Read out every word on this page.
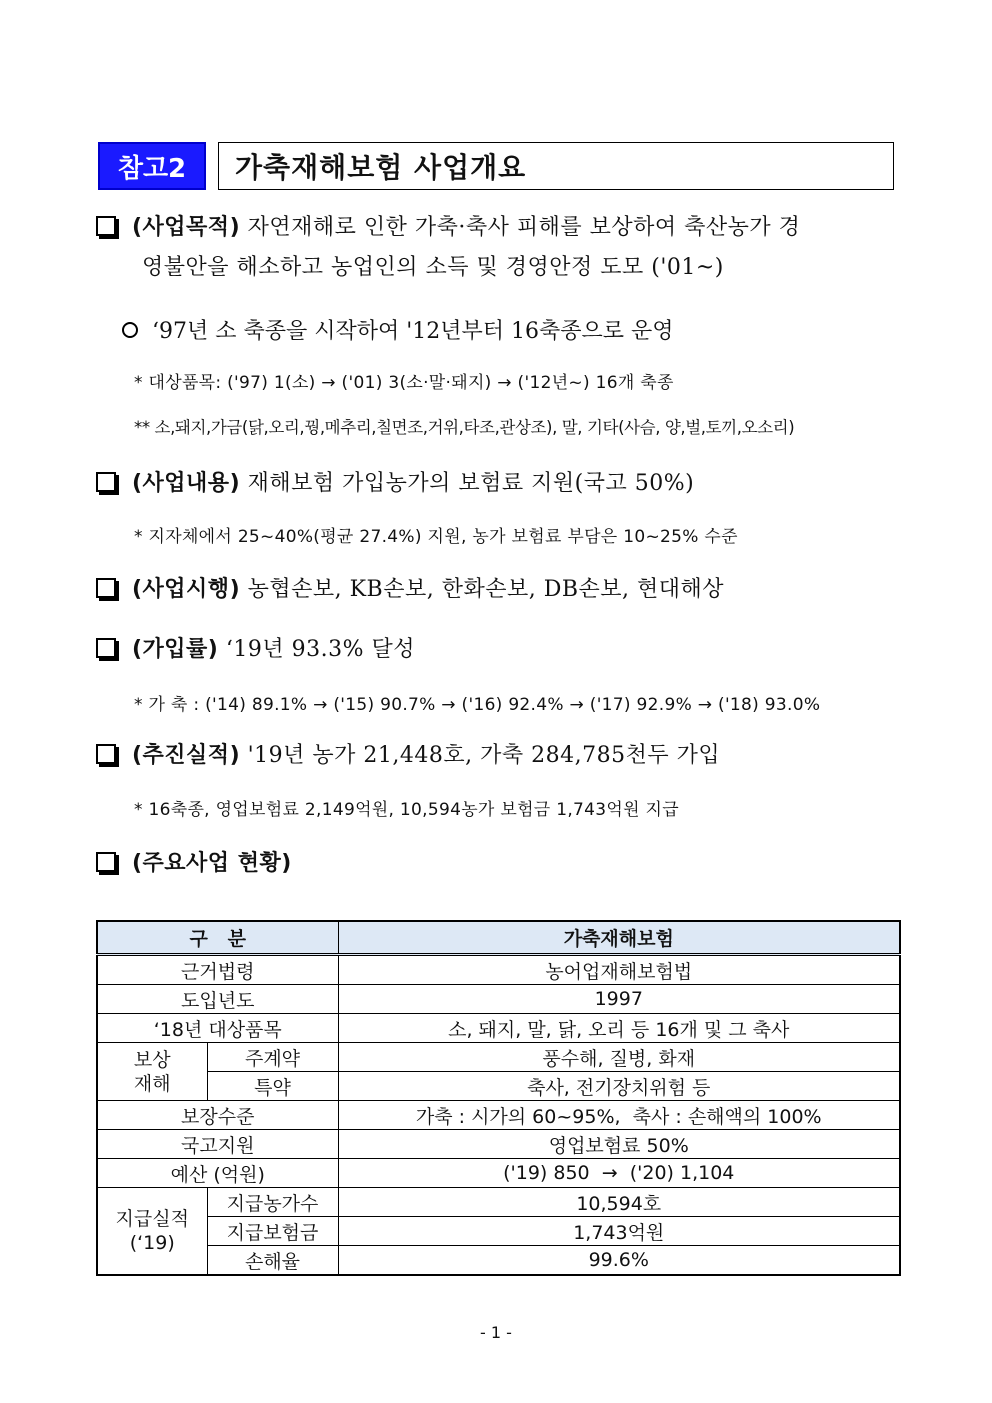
참고2	가축재해보험 사업개요
(사업목적) 자연재해로 인한 가축·축사 피해를 보상하여 축산농가 경
영불안을 해소하고 농업인의 소득 및 경영안정 도모 ('01~)
‘97년 소 축종을 시작하여 '12년부터 16축종으로 운영
* 대상품목: ('97) 1(소) → ('01) 3(소·말·돼지) → ('12년~) 16개 축종
** 소,돼지,가금(닭,오리,꿩,메추리,칠면조,거위,타조,관상조), 말, 기타(사슴, 양,벌,토끼,오소리)
(사업내용) 재해보험 가입농가의 보험료 지원(국고 50%)
* 지자체에서 25~40%(평균 27.4%) 지원, 농가 보험료 부담은 10~25% 수준
(사업시행) 농협손보, KB손보, 한화손보, DB손보, 현대해상
(가입률) ‘19년 93.3% 달성
* 가 축 : ('14) 89.1% → ('15) 90.7% → ('16) 92.4% → ('17) 92.9% → ('18) 93.0%
(추진실적) '19년 농가 21,448호, 가축 284,785천두 가입
* 16축종, 영업보험료 2,149억원, 10,594농가 보험금 1,743억원 지급
(주요사업 현황)
구   분		가축재해보험
근거법령		농어업재해보험법
도입년도		1997
‘18년 대상품목		소, 돼지, 말, 닭, 오리 등 16개 및 그 축사
보상
재해	주계약	풍수해, 질병, 화재
	특약	축사, 전기장치위험 등
보장수준		가축 : 시가의 60~95%,  축사 : 손해액의 100%
국고지원		영업보험료 50%
예산 (억원)		('19) 850  →  ('20) 1,104
지급실적
(‘19)	지급농가수	10,594호
	지급보험금	1,743억원
	손해율	99.6%
- 1 -
